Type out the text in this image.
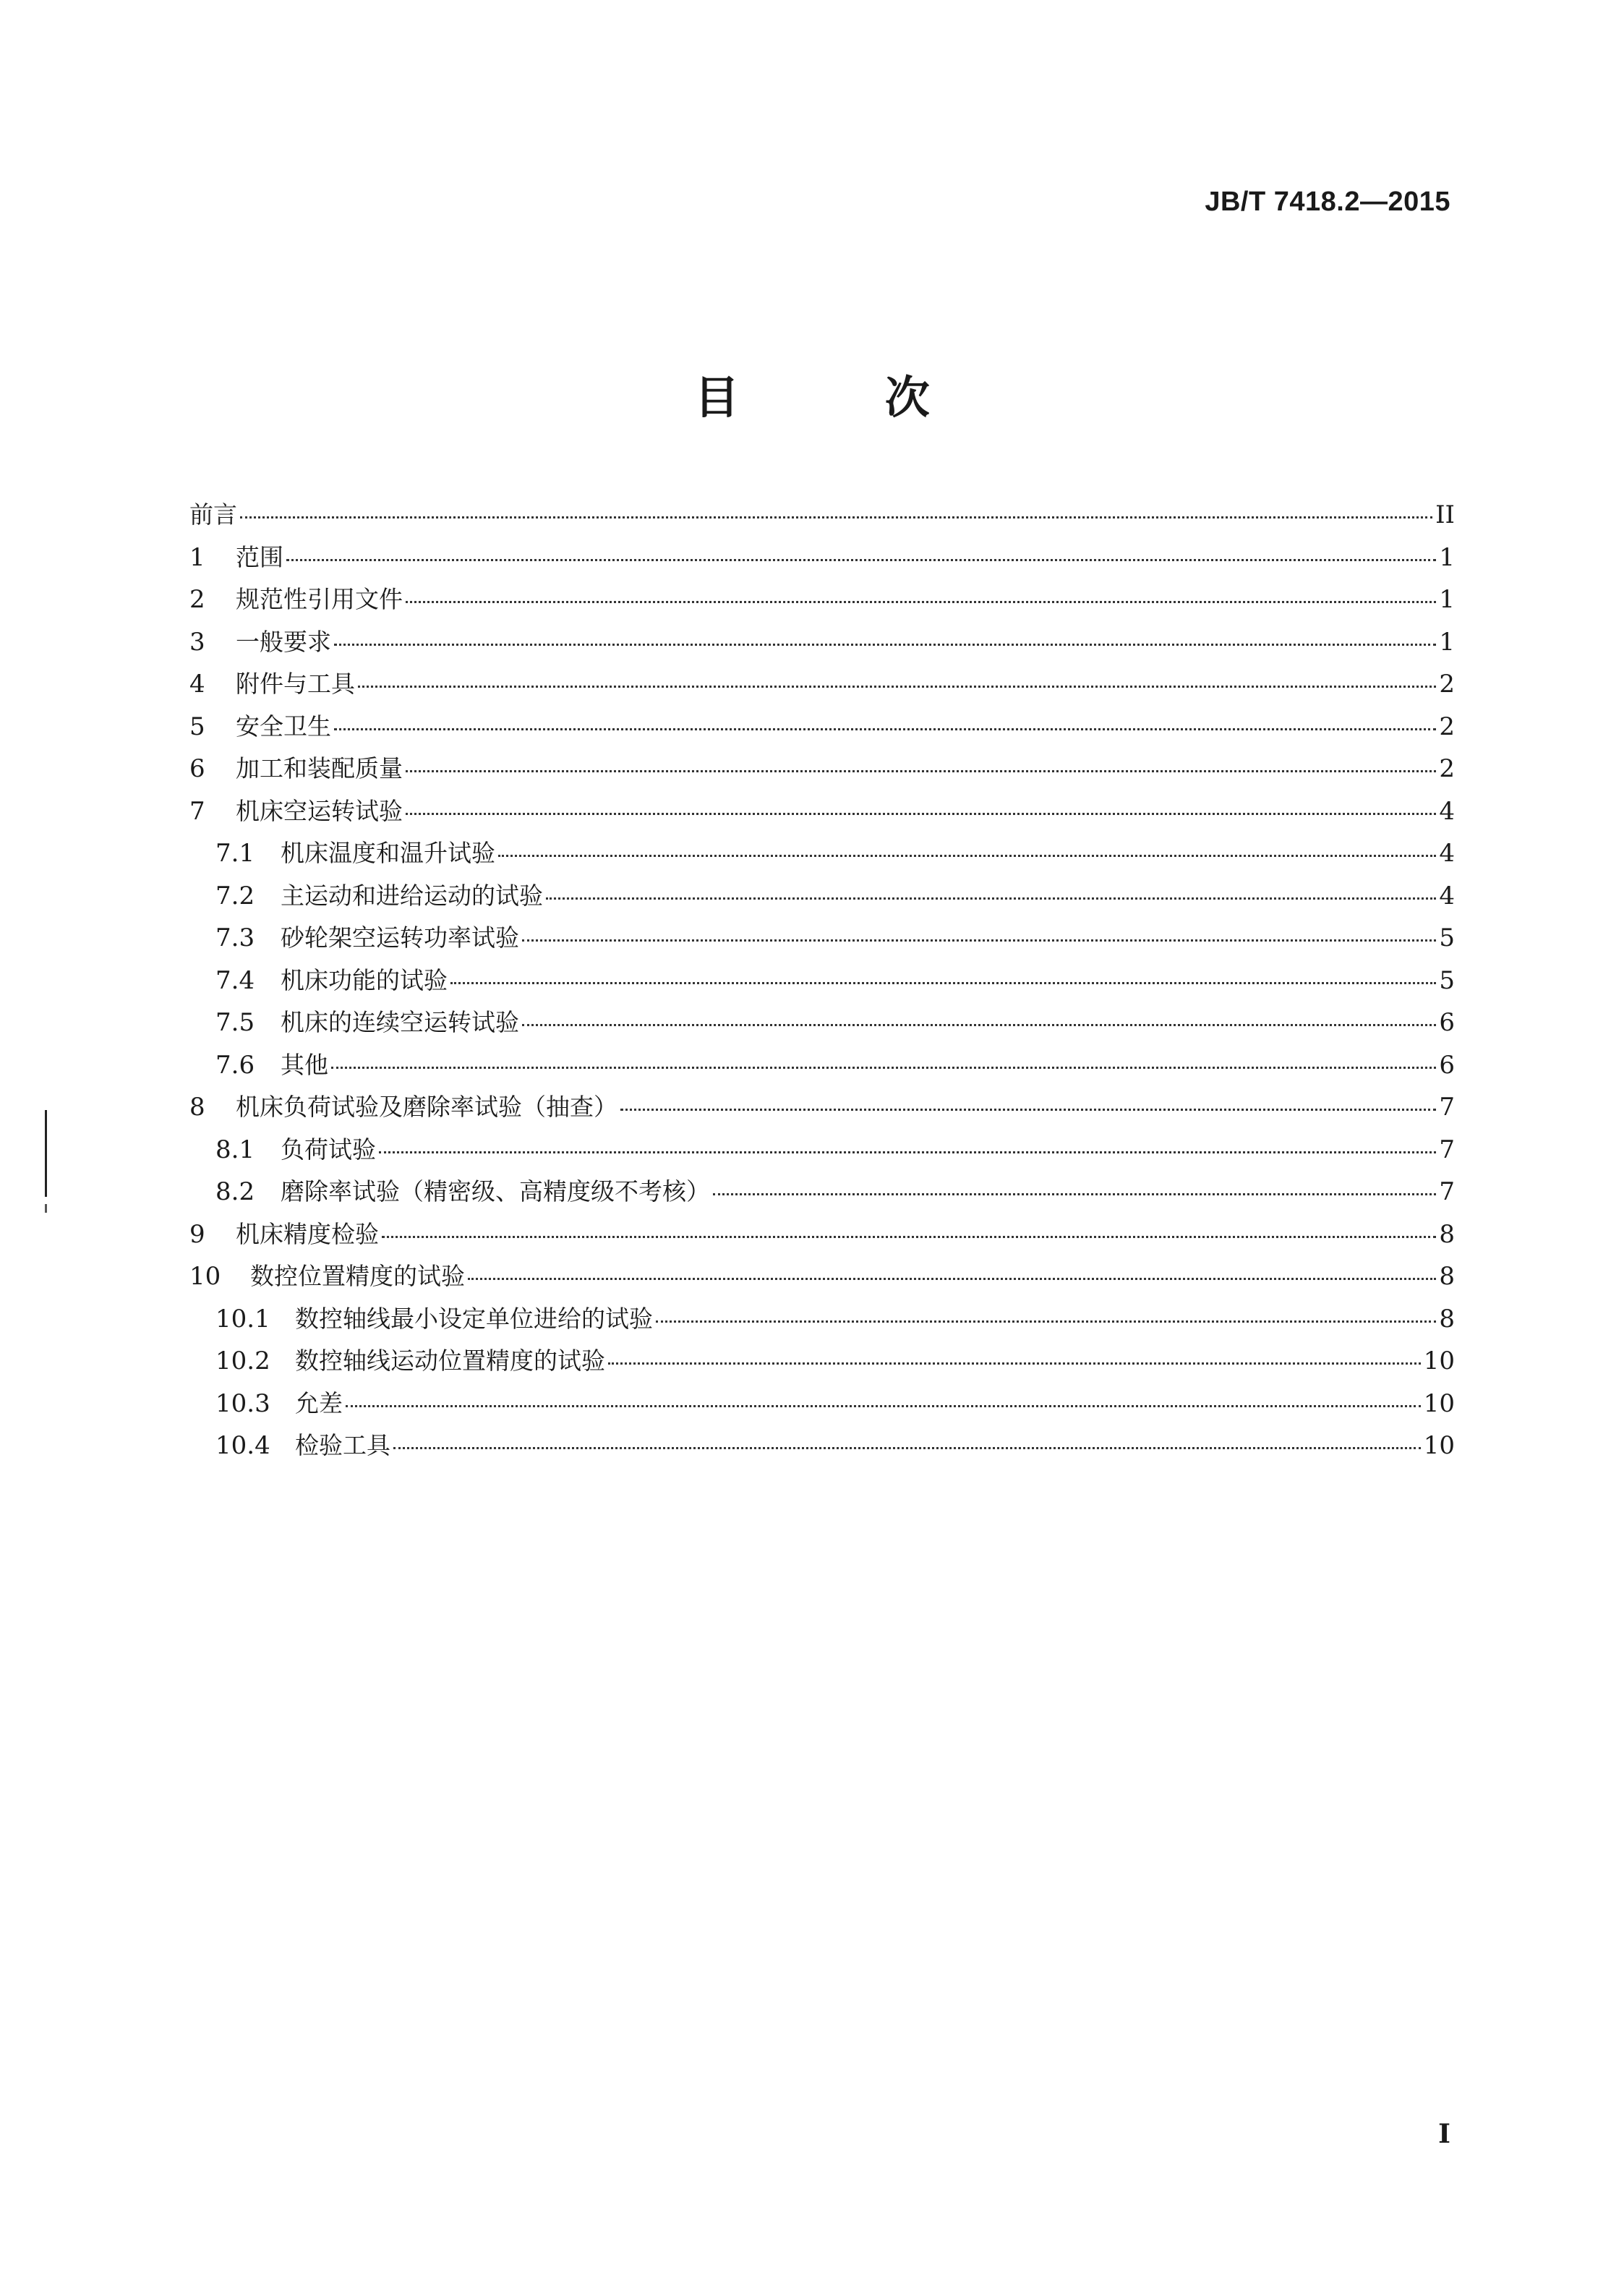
JB/T 7418.2—2015
目 次
前言	II
1	范围	1
2	规范性引用文件	1
3	一般要求	1
4	附件与工具	2
5	安全卫生	2
6	加工和装配质量	2
7	机床空运转试验	4
7.1	机床温度和温升试验	4
7.2	主运动和进给运动的试验	4
7.3	砂轮架空运转功率试验	5
7.4	机床功能的试验	5
7.5	机床的连续空运转试验	6
7.6	其他	6
8	机床负荷试验及磨除率试验（抽查）	7
8.1	负荷试验	7
8.2	磨除率试验（精密级、高精度级不考核）	7
9	机床精度检验	8
10	数控位置精度的试验	8
10.1	数控轴线最小设定单位进给的试验	8
10.2	数控轴线运动位置精度的试验	10
10.3	允差	10
10.4	检验工具	10
I
